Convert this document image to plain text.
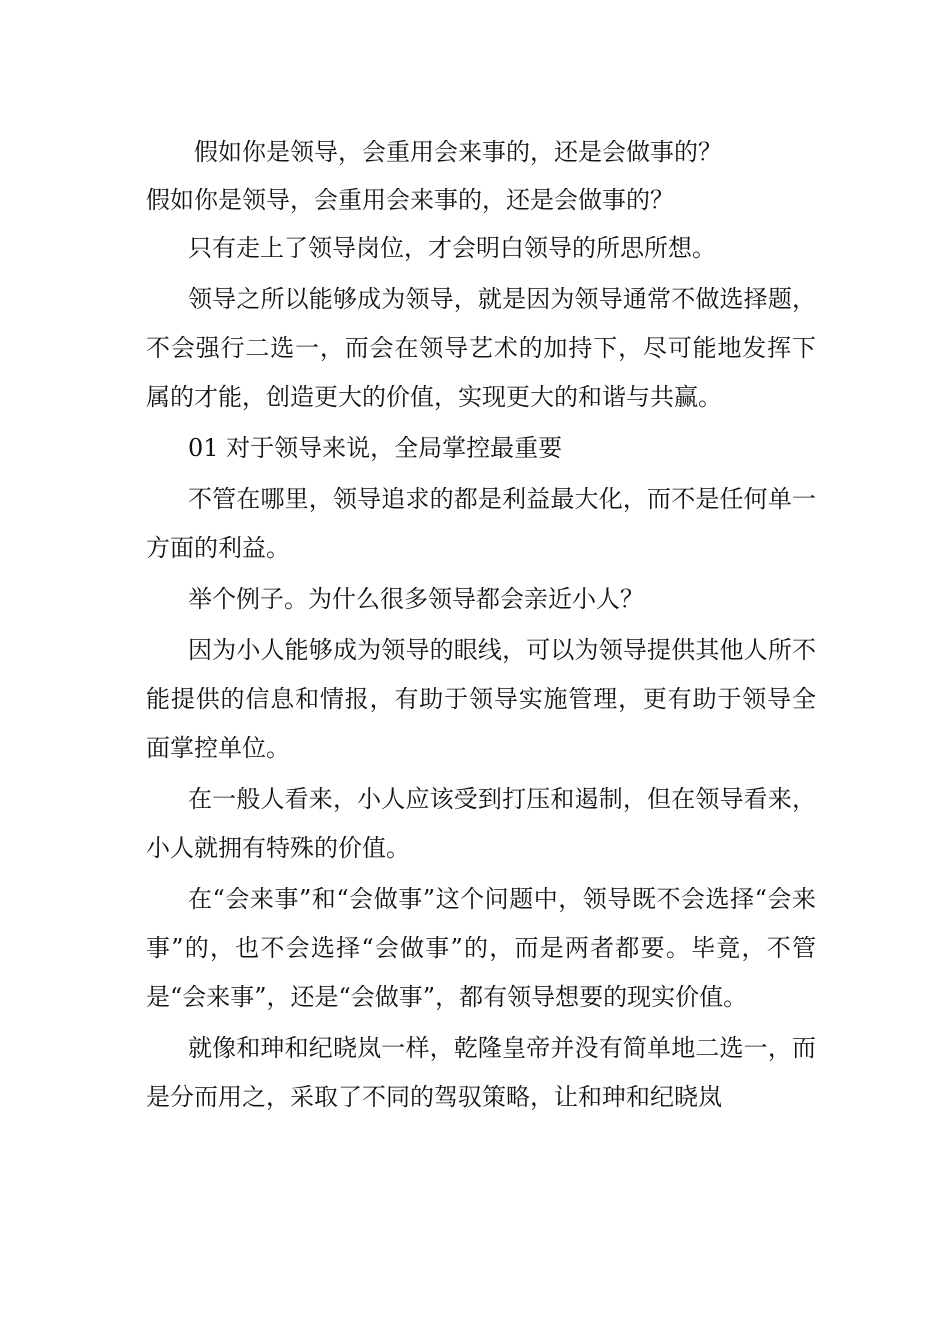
假如你是领导，会重用会来事的，还是会做事的？
假如你是领导，会重用会来事的，还是会做事的？

只有走上了领导岗位，才会明白领导的所思所想。

领导之所以能够成为领导，就是因为领导通常不做选择题，不会强行二选一，而会在领导艺术的加持下，尽可能地发挥下属的才能，创造更大的价值，实现更大的和谐与共赢。

01 对于领导来说，全局掌控最重要

不管在哪里，领导追求的都是利益最大化，而不是任何单一方面的利益。

举个例子。为什么很多领导都会亲近小人？

因为小人能够成为领导的眼线，可以为领导提供其他人所不能提供的信息和情报，有助于领导实施管理，更有助于领导全面掌控单位。

在一般人看来，小人应该受到打压和遏制，但在领导看来，小人就拥有特殊的价值。

在“会来事”和“会做事”这个问题中，领导既不会选择“会来事”的，也不会选择“会做事”的，而是两者都要。毕竟，不管是“会来事”，还是“会做事”，都有领导想要的现实价值。

就像和珅和纪晓岚一样，乾隆皇帝并没有简单地二选一，而是分而用之，采取了不同的驾驭策略，让和珅和纪晓岚
